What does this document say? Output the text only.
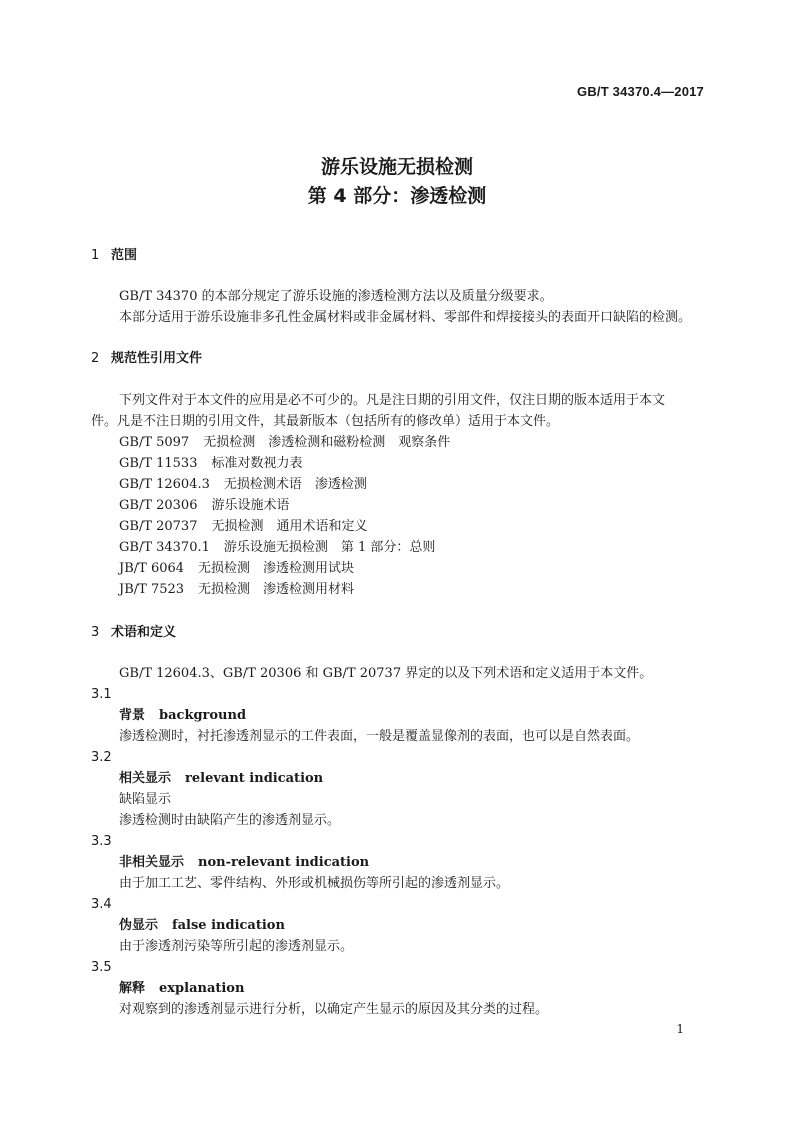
GB/T 34370.4—2017
游乐设施无损检测
第 4 部分：渗透检测
1 范围
GB/T 34370 的本部分规定了游乐设施的渗透检测方法以及质量分级要求。
本部分适用于游乐设施非多孔性金属材料或非金属材料、零部件和焊接接头的表面开口缺陷的检测。
2 规范性引用文件
下列文件对于本文件的应用是必不可少的。凡是注日期的引用文件，仅注日期的版本适用于本文
件。凡是不注日期的引用文件，其最新版本（包括所有的修改单）适用于本文件。
GB/T 5097 无损检测　渗透检测和磁粉检测　观察条件
GB/T 11533 标准对数视力表
GB/T 12604.3 无损检测术语　渗透检测
GB/T 20306 游乐设施术语
GB/T 20737 无损检测　通用术语和定义
GB/T 34370.1 游乐设施无损检测　第 1 部分：总则
JB/T 6064 无损检测　渗透检测用试块
JB/T 7523 无损检测　渗透检测用材料
3 术语和定义
GB/T 12604.3、GB/T 20306 和 GB/T 20737 界定的以及下列术语和定义适用于本文件。
3.1
背景 background
渗透检测时，衬托渗透剂显示的工件表面，一般是覆盖显像剂的表面，也可以是自然表面。
3.2
相关显示 relevant indication
缺陷显示
渗透检测时由缺陷产生的渗透剂显示。
3.3
非相关显示 non-relevant indication
由于加工工艺、零件结构、外形或机械损伤等所引起的渗透剂显示。
3.4
伪显示 false indication
由于渗透剂污染等所引起的渗透剂显示。
3.5
解释 explanation
对观察到的渗透剂显示进行分析，以确定产生显示的原因及其分类的过程。
1
